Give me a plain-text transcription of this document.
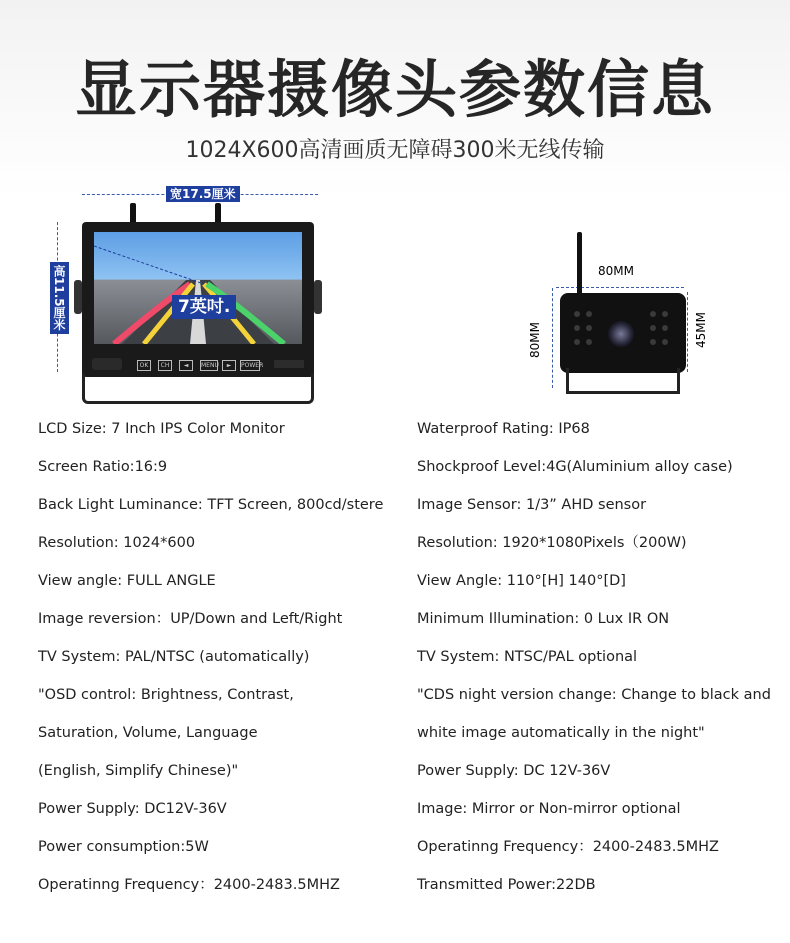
显示器摄像头参数信息
1024X600高清画质无障碍300米无线传输
宽17.5厘米
高11.5厘米	7英吋.
OK	CH	◄	MENU	►	POWER
80MM
80MM	45MM
LCD Size: 7 Inch IPS Color Monitor
Screen Ratio:16:9
Back Light Luminance: TFT Screen, 800cd/stere
Resolution: 1024*600
View angle: FULL ANGLE
Image reversion：UP/Down and Left/Right
TV System: PAL/NTSC (automatically)
"OSD control: Brightness, Contrast,
Saturation, Volume, Language
(English, Simplify Chinese)"
Power Supply: DC12V-36V
Power consumption:5W
Operatinng Frequency：2400-2483.5MHZ
Waterproof Rating: IP68
Shockproof Level:4G(Aluminium alloy case)
Image Sensor: 1/3” AHD sensor
Resolution: 1920*1080Pixels（200W)
View Angle: 110°[H] 140°[D]
Minimum Illumination: 0 Lux IR ON
TV System: NTSC/PAL optional
"CDS night version change: Change to black and
white image automatically in the night"
Power Supply: DC 12V-36V
Image: Mirror or Non-mirror optional
Operatinng Frequency：2400-2483.5MHZ
Transmitted Power:22DB
